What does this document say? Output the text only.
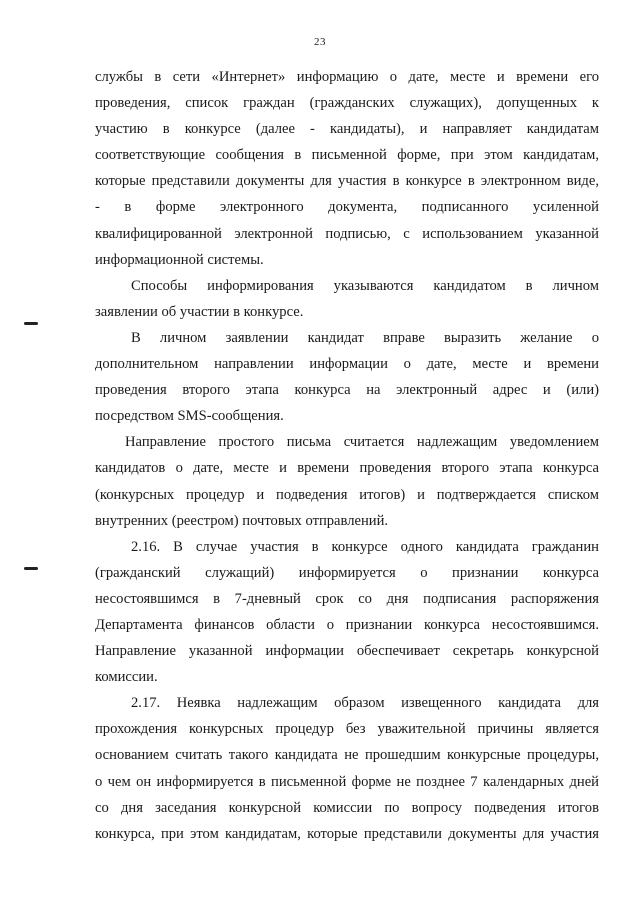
23
службы в сети «Интернет» информацию о дате, месте и времени его
проведения, список граждан (гражданских служащих), допущенных к
участию в конкурсе (далее - кандидаты), и направляет кандидатам
соответствующие сообщения в письменной форме, при этом кандидатам,
которые представили документы для участия в конкурсе в электронном виде,
- в форме электронного документа, подписанного усиленной
квалифицированной электронной подписью, с использованием указанной
информационной системы.
Способы информирования указываются кандидатом в личном
заявлении об участии в конкурсе.
В личном заявлении кандидат вправе выразить желание о
дополнительном направлении информации о дате, месте и времени
проведения второго этапа конкурса на электронный адрес и (или)
посредством SMS-сообщения.
Направление простого письма считается надлежащим уведомлением
кандидатов о дате, месте и времени проведения второго этапа конкурса
(конкурсных процедур и подведения итогов) и подтверждается списком
внутренних (реестром) почтовых отправлений.
2.16. В случае участия в конкурсе одного кандидата гражданин
(гражданский служащий) информируется о признании конкурса
несостоявшимся в 7-дневный срок со дня подписания распоряжения
Департамента финансов области о признании конкурса несостоявшимся.
Направление указанной информации обеспечивает секретарь конкурсной
комиссии.
2.17. Неявка надлежащим образом извещенного кандидата для
прохождения конкурсных процедур без уважительной причины является
основанием считать такого кандидата не прошедшим конкурсные процедуры,
о чем он информируется в письменной форме не позднее 7 календарных дней
со дня заседания конкурсной комиссии по вопросу подведения итогов
конкурса, при этом кандидатам, которые представили документы для участия
